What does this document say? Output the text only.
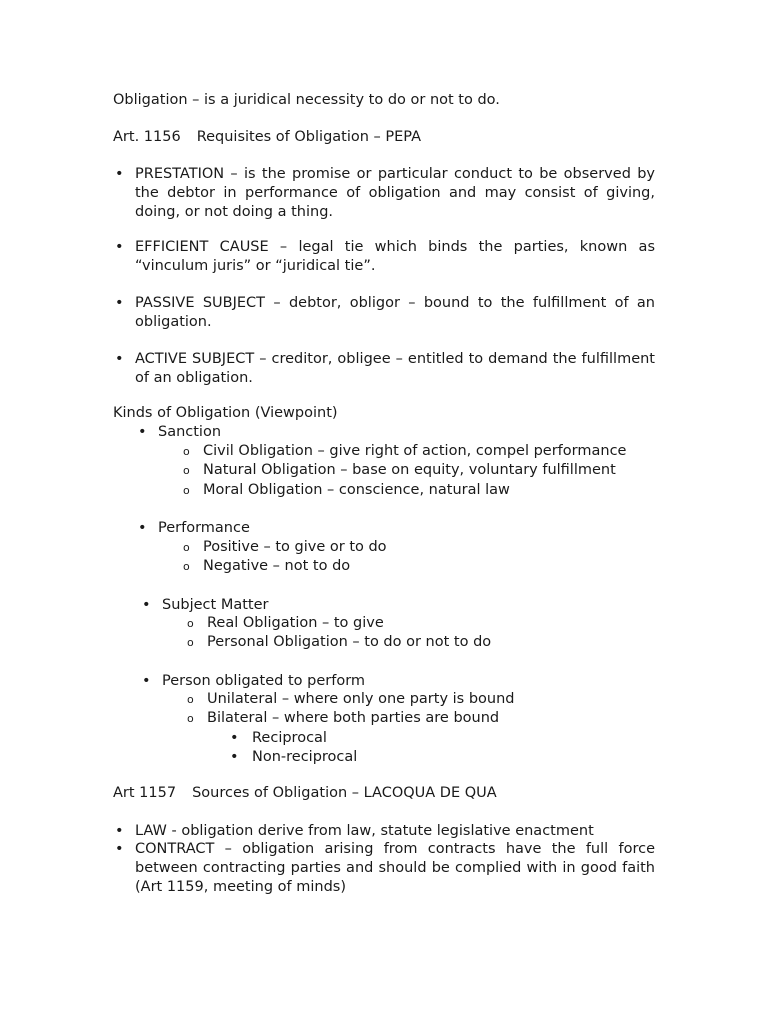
Obligation – is a juridical necessity to do or not to do.

Art. 1156 Requisites of Obligation – PEPA

• PRESTATION – is the promise or particular conduct to be observed by the debtor in performance of obligation and may consist of giving, doing, or not doing a thing.
• EFFICIENT CAUSE – legal tie which binds the parties, known as “vinculum juris” or “juridical tie”.
• PASSIVE SUBJECT – debtor, obligor – bound to the fulfillment of an obligation.
• ACTIVE SUBJECT – creditor, obligee – entitled to demand the fulfillment of an obligation.

Kinds of Obligation (Viewpoint)

• Sanction
o Civil Obligation – give right of action, compel performance
o Natural Obligation – base on equity, voluntary fulfillment
o Moral Obligation – conscience, natural law
• Performance
o Positive – to give or to do
o Negative – not to do
• Subject Matter
o Real Obligation – to give
o Personal Obligation – to do or not to do
• Person obligated to perform
o Unilateral – where only one party is bound
o Bilateral – where both parties are bound
• Reciprocal
• Non-reciprocal

Art 1157 Sources of Obligation – LACOQUA DE QUA

• LAW - obligation derive from law, statute legislative enactment
• CONTRACT – obligation arising from contracts have the full force between contracting parties and should be complied with in good faith (Art 1159, meeting of minds)
